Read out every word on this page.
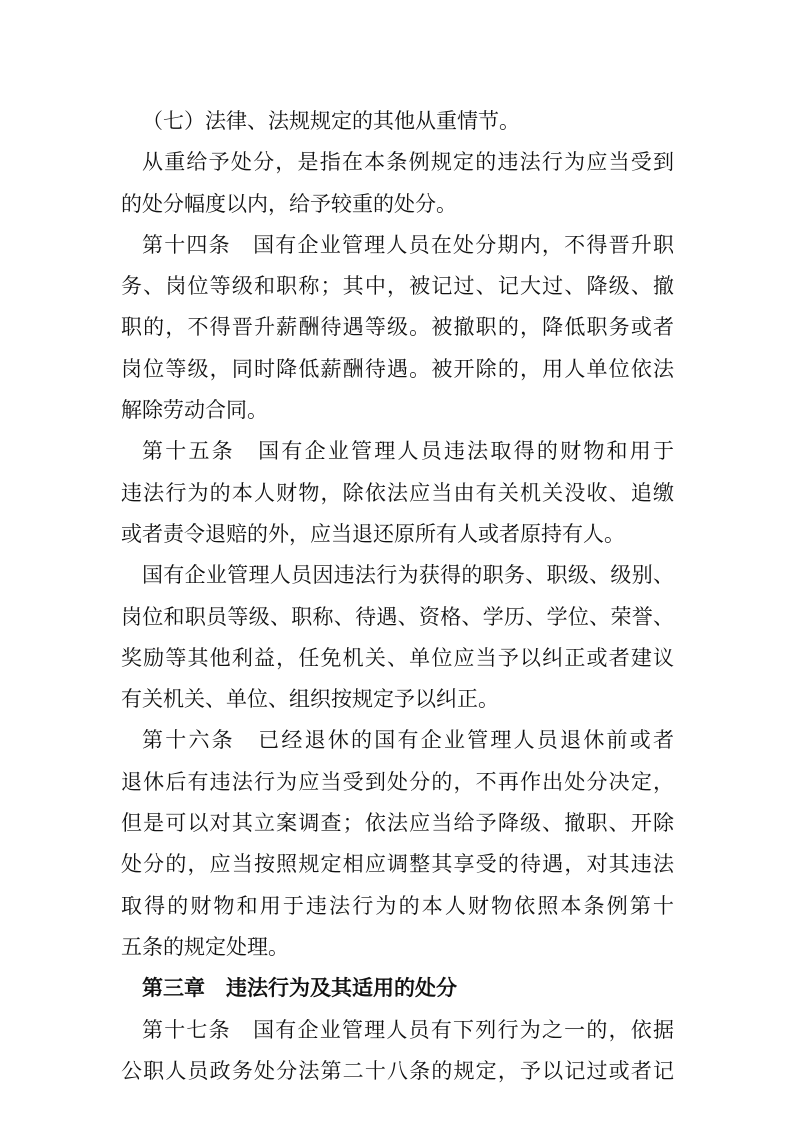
（七）法律、法规规定的其他从重情节。
从重给予处分，是指在本条例规定的违法行为应当受到
的处分幅度以内，给予较重的处分。
第十四条　国有企业管理人员在处分期内，不得晋升职
务、岗位等级和职称；其中，被记过、记大过、降级、撤
职的，不得晋升薪酬待遇等级。被撤职的，降低职务或者
岗位等级，同时降低薪酬待遇。被开除的，用人单位依法
解除劳动合同。
第十五条　国有企业管理人员违法取得的财物和用于
违法行为的本人财物，除依法应当由有关机关没收、追缴
或者责令退赔的外，应当退还原所有人或者原持有人。
国有企业管理人员因违法行为获得的职务、职级、级别、
岗位和职员等级、职称、待遇、资格、学历、学位、荣誉、
奖励等其他利益，任免机关、单位应当予以纠正或者建议
有关机关、单位、组织按规定予以纠正。
第十六条　已经退休的国有企业管理人员退休前或者
退休后有违法行为应当受到处分的，不再作出处分决定，
但是可以对其立案调查；依法应当给予降级、撤职、开除
处分的，应当按照规定相应调整其享受的待遇，对其违法
取得的财物和用于违法行为的本人财物依照本条例第十
五条的规定处理。
第三章　违法行为及其适用的处分
第十七条　国有企业管理人员有下列行为之一的，依据
公职人员政务处分法第二十八条的规定，予以记过或者记
